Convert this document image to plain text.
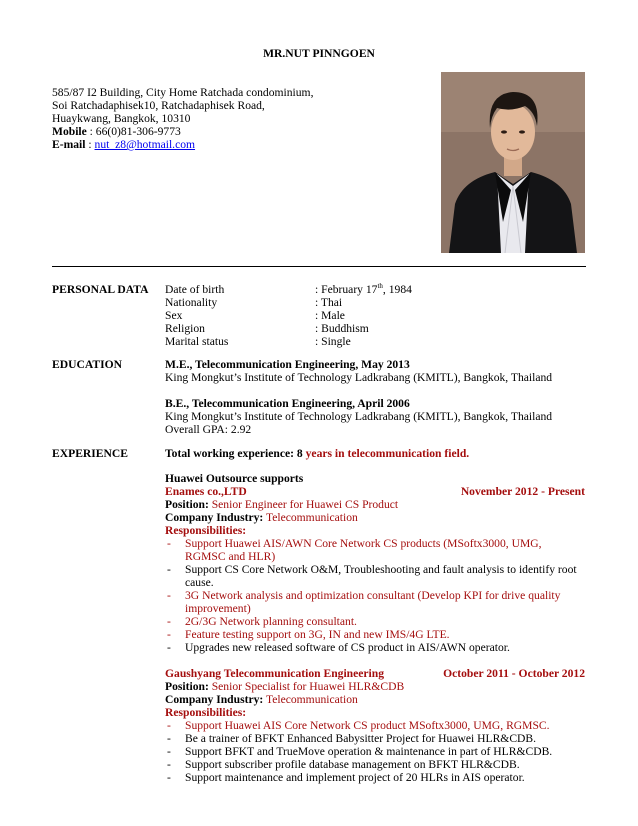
MR.NUT PINNGOEN
585/87 I2 Building, City Home Ratchada condominium,
Soi Ratchadaphisek10, Ratchadaphisek Road,
Huaykwang, Bangkok, 10310
Mobile : 66(0)81-306-9773
E-mail : nut_z8@hotmail.com
PERSONAL DATA Date of birth	: February 17th, 1984
Nationality	: Thai
Sex	: Male
Religion	: Buddhism
Marital status	: Single
EDUCATION	M.E., Telecommunication Engineering, May 2013
King Mongkut’s Institute of Technology Ladkrabang (KMITL), Bangkok, Thailand
B.E., Telecommunication Engineering, April 2006
King Mongkut’s Institute of Technology Ladkrabang (KMITL), Bangkok, Thailand
Overall GPA: 2.92
EXPERIENCE	Total working experience: 8 years in telecommunication field.
Huawei Outsource supports
Enames co.,LTD	November 2012 - Present
Position: Senior Engineer for Huawei CS Product
Company Industry: Telecommunication
Responsibilities:
- Support Huawei AIS/AWN Core Network CS products (MSoftx3000, UMG, RGMSC and HLR)
- Support CS Core Network O&M, Troubleshooting and fault analysis to identify root cause.
- 3G Network analysis and optimization consultant (Develop KPI for drive quality improvement)
- 2G/3G Network planning consultant.
- Feature testing support on 3G, IN and new IMS/4G LTE.
- Upgrades new released software of CS product in AIS/AWN operator.
Gaushyang Telecommunication Engineering	October 2011 - October 2012
Position: Senior Specialist for Huawei HLR&CDB
Company Industry: Telecommunication
Responsibilities:
- Support Huawei AIS Core Network CS product MSoftx3000, UMG, RGMSC.
- Be a trainer of BFKT Enhanced Babysitter Project for Huawei HLR&CDB.
- Support BFKT and TrueMove operation & maintenance in part of HLR&CDB.
- Support subscriber profile database management on BFKT HLR&CDB.
- Support maintenance and implement project of 20 HLRs in AIS operator.
